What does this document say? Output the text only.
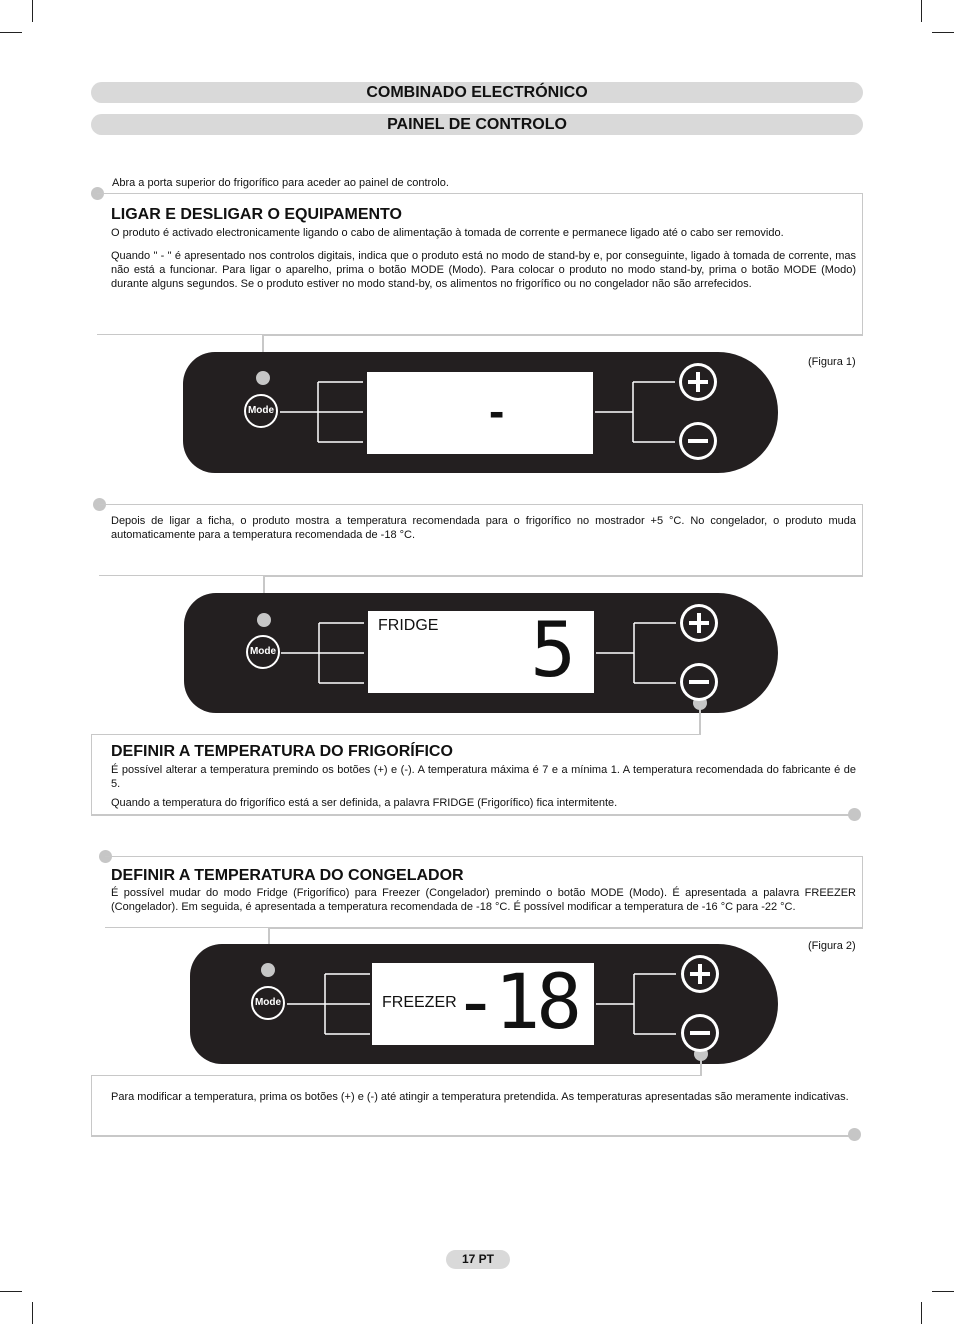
COMBINADO ELECTRÓNICO
PAINEL DE CONTROLO
Abra a porta superior do frigorífico para aceder ao painel de controlo.
LIGAR E DESLIGAR O EQUIPAMENTO
O produto é activado electronicamente ligando o cabo de alimentação à tomada de corrente e permanece ligado até o cabo ser removido.
Quando " - " é apresentado nos controlos digitais, indica que o produto está no modo de stand-by e, por conseguinte, ligado à tomada de corrente, mas não está a funcionar. Para ligar o aparelho, prima o botão MODE (Modo). Para colocar o produto no modo stand-by, prima o botão MODE (Modo) durante alguns segundos. Se o produto estiver no modo stand-by, os alimentos no frigorífico ou no congelador não são arrefecidos.
(Figura 1)
-
Mode
Depois de ligar a ficha, o produto mostra a temperatura recomendada para o frigorífico no mostrador +5 °C. No congelador, o produto muda automaticamente para a temperatura recomendada de -18 °C.
FRIDGE 5
Mode
DEFINIR A TEMPERATURA DO FRIGORÍFICO
É possível alterar a temperatura premindo os botões (+) e (-). A temperatura máxima é 7 e a mínima 1. A temperatura recomendada do fabricante é de 5.
Quando a temperatura do frigorífico está a ser definida, a palavra FRIDGE (Frigorífico) fica intermitente.
DEFINIR A TEMPERATURA DO CONGELADOR
É possível mudar do modo Fridge (Frigorífico) para Freezer (Congelador) premindo o botão MODE (Modo). É apresentada a palavra FREEZER (Congelador). Em seguida, é apresentada a temperatura recomendada de -18 °C. É possível modificar a temperatura de -16 °C para -22 °C.
(Figura 2)
FREEZER
-18
Mode
Para modificar a temperatura, prima os botões (+) e (-) até atingir a temperatura pretendida. As temperaturas apresentadas são meramente indicativas.
17 PT
